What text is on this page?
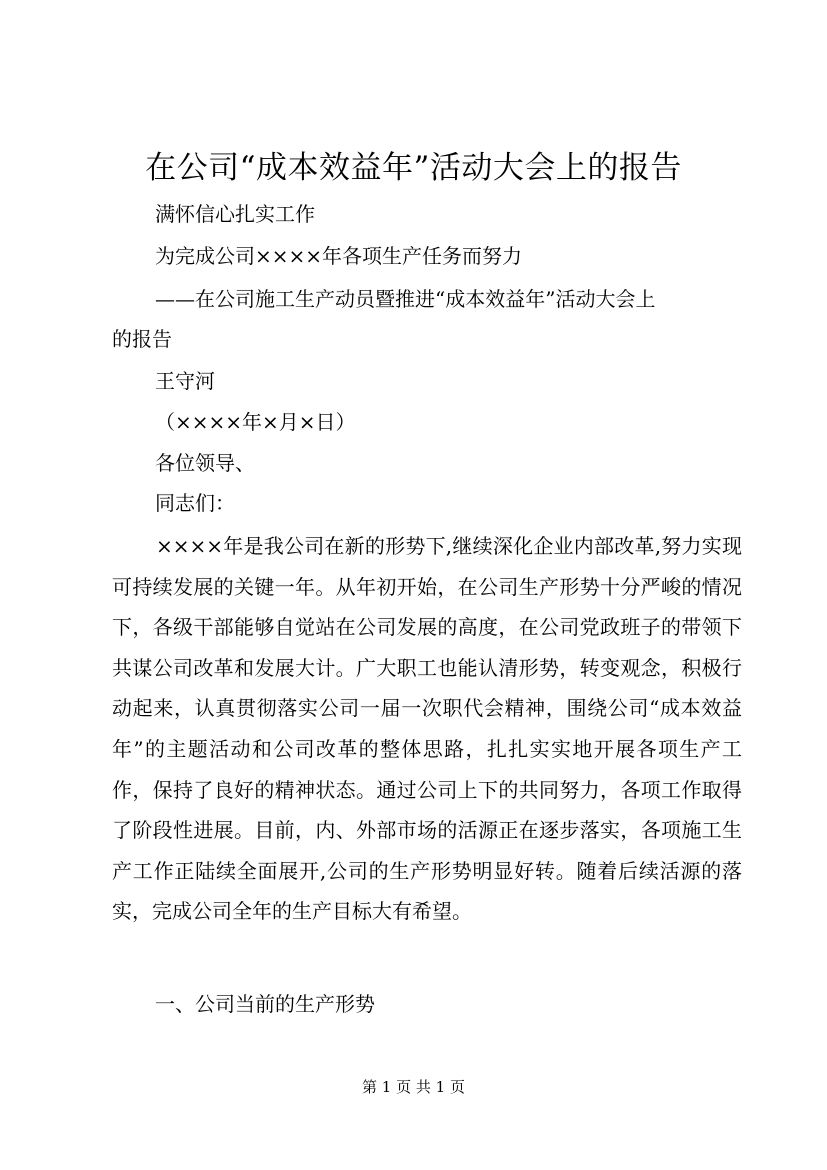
在公司“成本效益年”活动大会上的报告
满怀信心扎实工作
为完成公司××××年各项生产任务而努力
——在公司施工生产动员暨推进“成本效益年”活动大会上
的报告
王守河
（××××年×月×日）
各位领导、
同志们：
××××年是我公司在新的形势下,继续深化企业内部改革,努力实现可持续发展的关键一年。从年初开始，在公司生产形势十分严峻的情况下，各级干部能够自觉站在公司发展的高度，在公司党政班子的带领下共谋公司改革和发展大计。广大职工也能认清形势，转变观念，积极行动起来，认真贯彻落实公司一届一次职代会精神，围绕公司“成本效益年”的主题活动和公司改革的整体思路，扎扎实实地开展各项生产工作，保持了良好的精神状态。通过公司上下的共同努力，各项工作取得了阶段性进展。目前，内、外部市场的活源正在逐步落实，各项施工生产工作正陆续全面展开,公司的生产形势明显好转。随着后续活源的落实，完成公司全年的生产目标大有希望。
一、公司当前的生产形势
第 1 页 共 1 页
